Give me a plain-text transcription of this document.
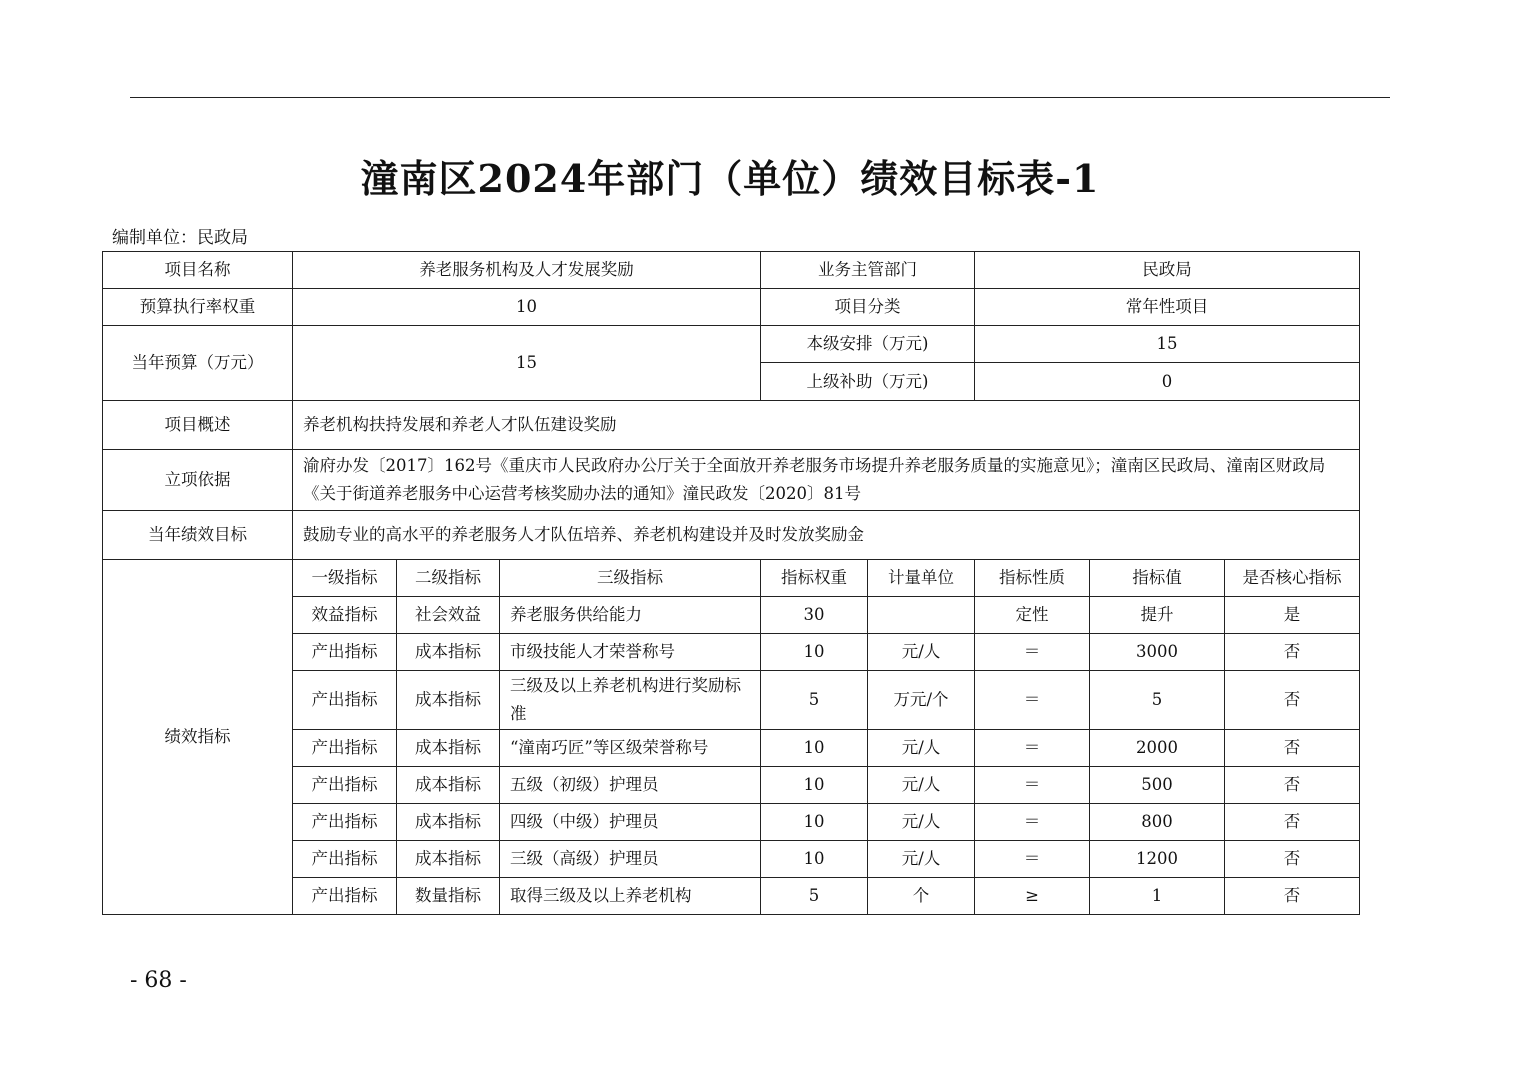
潼南区2024年部门（单位）绩效目标表-1
编制单位：民政局
项目名称	养老服务机构及人才发展奖励			业务主管部门		民政局		
预算执行率权重	10			项目分类		常年性项目		
当年预算（万元）	15			本级安排（万元)		15		
				上级补助（万元)		0		
项目概述	养老机构扶持发展和养老人才队伍建设奖励							
立项依据	渝府办发〔2017〕162号《重庆市人民政府办公厅关于全面放开养老服务市场提升养老服务质量的实施意见》；潼南区民政局、潼南区财政局《关于街道养老服务中心运营考核奖励办法的通知》潼民政发〔2020〕81号							
当年绩效目标	鼓励专业的高水平的养老服务人才队伍培养、养老机构建设并及时发放奖励金							
绩效指标	一级指标	二级指标	三级指标	指标权重	计量单位	指标性质	指标值	是否核心指标
	效益指标	社会效益	养老服务供给能力	30		定性	提升	是
	产出指标	成本指标	市级技能人才荣誉称号	10	元/人	＝	3000	否
	产出指标	成本指标	三级及以上养老机构进行奖励标准	5	万元/个	＝	5	否
	产出指标	成本指标	“潼南巧匠”等区级荣誉称号	10	元/人	＝	2000	否
	产出指标	成本指标	五级（初级）护理员	10	元/人	＝	500	否
	产出指标	成本指标	四级（中级）护理员	10	元/人	＝	800	否
	产出指标	成本指标	三级（高级）护理员	10	元/人	＝	1200	否
	产出指标	数量指标	取得三级及以上养老机构	5	个	≥	1	否
- 68 -
